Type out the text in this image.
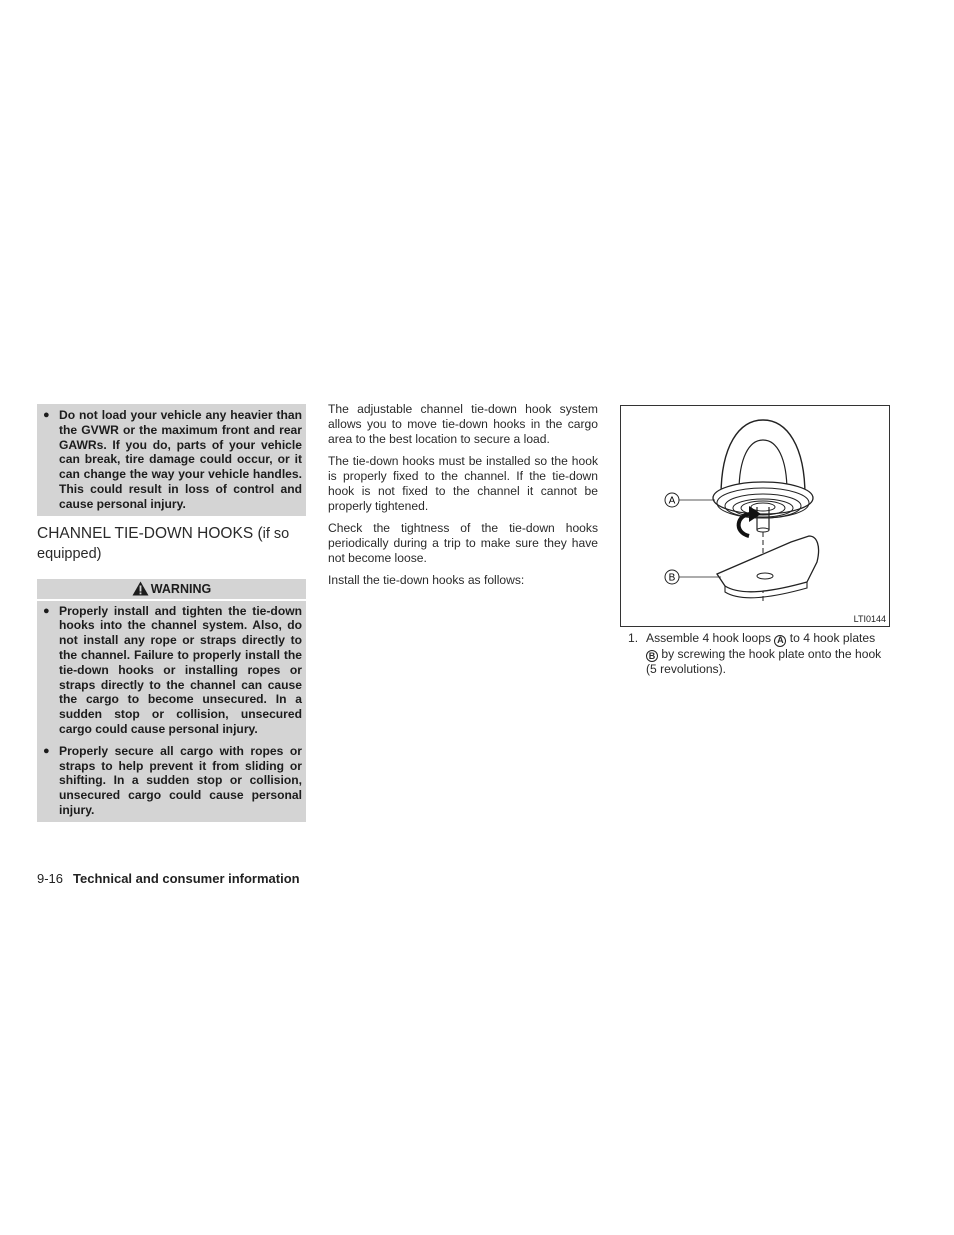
● Do not load your vehicle any heavier than the GVWR or the maximum front and rear GAWRs. If you do, parts of your vehicle can break, tire damage could occur, or it can change the way your vehicle handles. This could result in loss of control and cause personal injury.
CHANNEL TIE-DOWN HOOKS (if so equipped)
WARNING
● Properly install and tighten the tie-down hooks into the channel system. Also, do not install any rope or straps directly to the channel. Failure to properly install the tie-down hooks or installing ropes or straps directly to the channel can cause the cargo to become unsecured. In a sudden stop or collision, unsecured cargo could cause personal injury.
● Properly secure all cargo with ropes or straps to help prevent it from sliding or shifting. In a sudden stop or collision, unsecured cargo could cause personal injury.

The adjustable channel tie-down hook system allows you to move tie-down hooks in the cargo area to the best location to secure a load.

The tie-down hooks must be installed so the hook is properly fixed to the channel. If the tie-down hook is not fixed to the channel it cannot be properly tightened.

Check the tightness of the tie-down hooks periodically during a trip to make sure they have not become loose.

Install the tie-down hooks as follows:

A
B
LTI0144
1. Assemble 4 hook loops A to 4 hook plates B by screwing the hook plate onto the hook (5 revolutions).
9-16 Technical and consumer information
